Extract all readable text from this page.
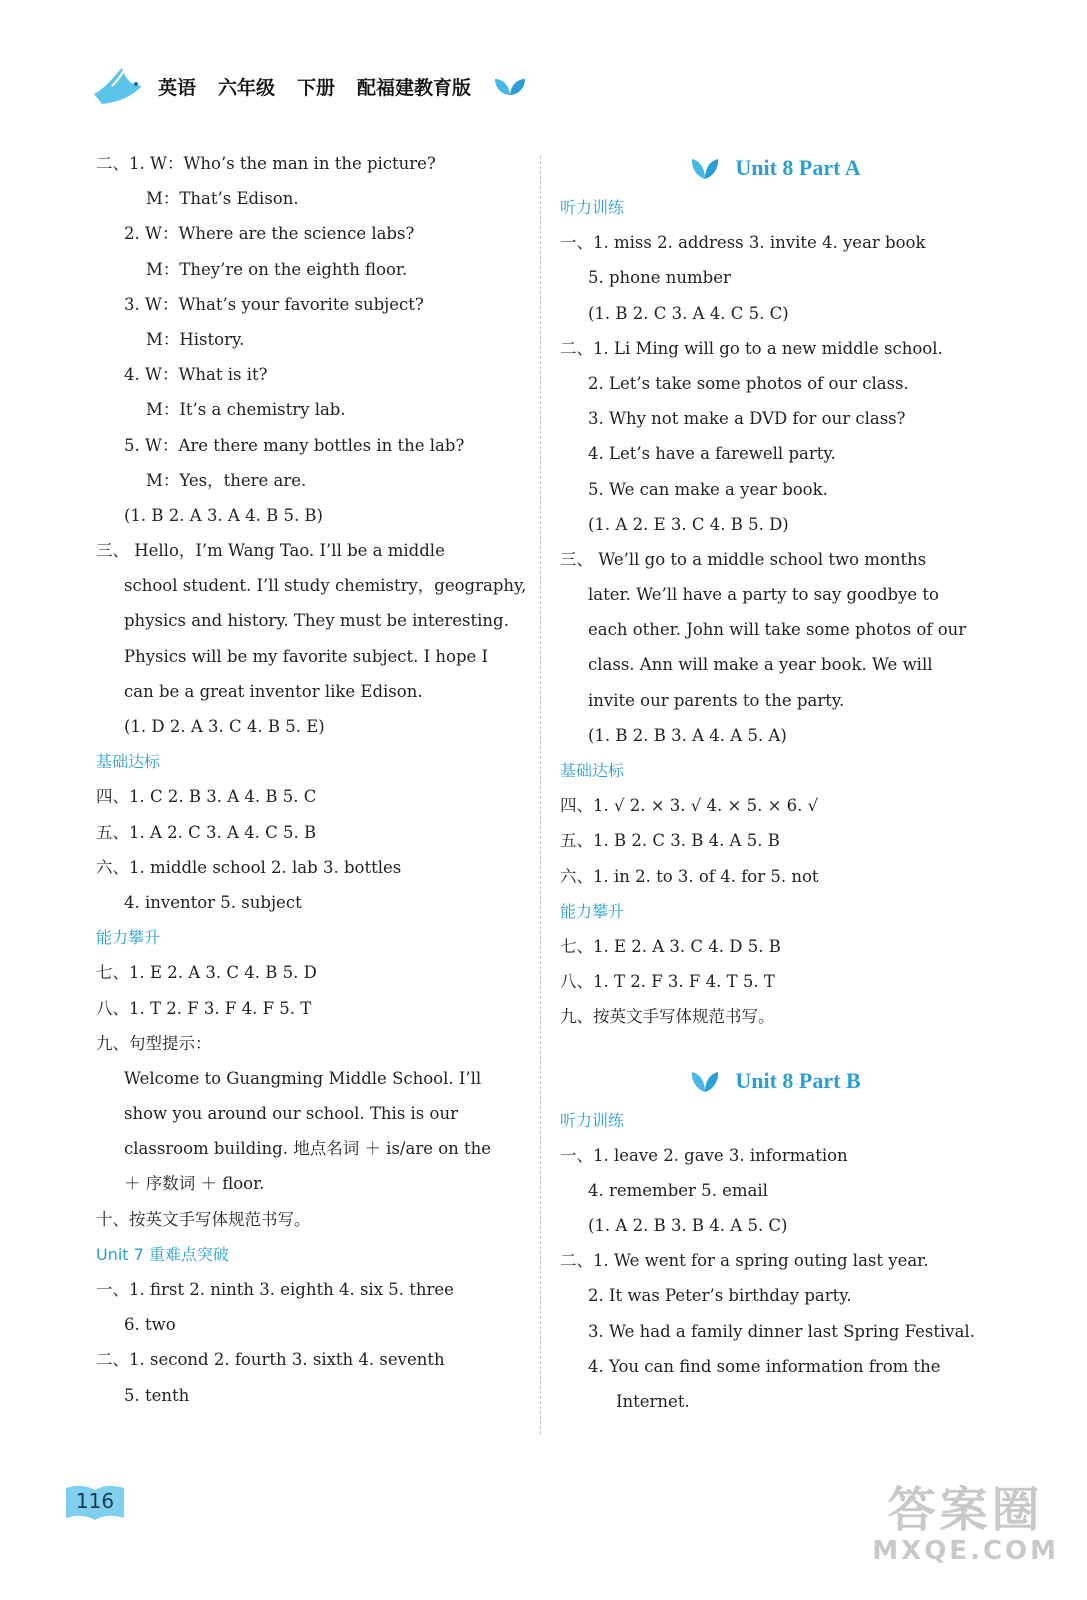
英语 六年级 下册 配福建教育版
二、1. W：Who’s the man in the picture?
M：That’s Edison.
2. W：Where are the science labs?
M：They’re on the eighth floor.
3. W：What’s your favorite subject?
M：History.
4. W：What is it?
M：It’s a chemistry lab.
5. W：Are there many bottles in the lab?
M：Yes，there are.
(1. B 2. A 3. A 4. B 5. B)
三、 Hello，I’m Wang Tao. I’ll be a middle
school student. I’ll study chemistry，geography,
physics and history. They must be interesting.
Physics will be my favorite subject. I hope I
can be a great inventor like Edison.
(1. D 2. A 3. C 4. B 5. E)
基础达标
四、1. C 2. B 3. A 4. B 5. C
五、1. A 2. C 3. A 4. C 5. B
六、1. middle school 2. lab 3. bottles
4. inventor 5. subject
能力攀升
七、1. E 2. A 3. C 4. B 5. D
八、1. T 2. F 3. F 4. F 5. T
九、句型提示：
Welcome to Guangming Middle School. I’ll
show you around our school. This is our
classroom building. 地点名词 ＋ is/are on the
＋ 序数词 ＋ floor.
十、按英文手写体规范书写。
Unit 7 重难点突破
一、1. first 2. ninth 3. eighth 4. six 5. three
6. two
二、1. second 2. fourth 3. sixth 4. seventh
5. tenth
Unit 8 Part A
听力训练
一、1. miss 2. address 3. invite 4. year book
5. phone number
(1. B 2. C 3. A 4. C 5. C)
二、1. Li Ming will go to a new middle school.
2. Let’s take some photos of our class.
3. Why not make a DVD for our class?
4. Let’s have a farewell party.
5. We can make a year book.
(1. A 2. E 3. C 4. B 5. D)
三、 We’ll go to a middle school two months
later. We’ll have a party to say goodbye to
each other. John will take some photos of our
class. Ann will make a year book. We will
invite our parents to the party.
(1. B 2. B 3. A 4. A 5. A)
基础达标
四、1. √ 2. × 3. √ 4. × 5. × 6. √
五、1. B 2. C 3. B 4. A 5. B
六、1. in 2. to 3. of 4. for 5. not
能力攀升
七、1. E 2. A 3. C 4. D 5. B
八、1. T 2. F 3. F 4. T 5. T
九、按英文手写体规范书写。
Unit 8 Part B
听力训练
一、1. leave 2. gave 3. information
4. remember 5. email
(1. A 2. B 3. B 4. A 5. C)
二、1. We went for a spring outing last year.
2. It was Peter’s birthday party.
3. We had a family dinner last Spring Festival.
4. You can find some information from the
Internet.
116	答案圈
MXQE.COM
